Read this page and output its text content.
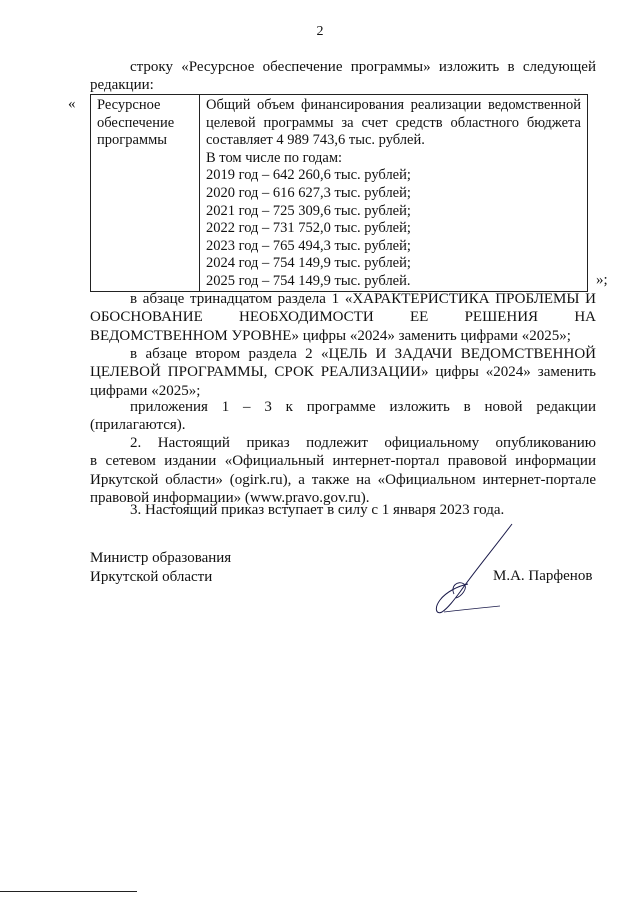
2
строку «Ресурсное обеспечение программы» изложить в следующей
редакции:
« Ресурсное
обеспечение
программы

Общий объем финансирования реализации ведомственной
целевой программы за счет средств областного бюджета
составляет 4 989 743,6 тыс. рублей.
В том числе по годам:
2019 год – 642 260,6 тыс. рублей;
2020 год – 616 627,3 тыс. рублей;
2021 год – 725 309,6 тыс. рублей;
2022 год – 731 752,0 тыс. рублей;
2023 год – 765 494,3 тыс. рублей;
2024 год – 754 149,9 тыс. рублей;
2025 год – 754 149,9 тыс. рублей.	»;
в абзаце тринадцатом раздела 1 «ХАРАКТЕРИСТИКА ПРОБЛЕМЫ И
ОБОСНОВАНИЕ НЕОБХОДИМОСТИ ЕЕ РЕШЕНИЯ НА
ВЕДОМСТВЕННОМ УРОВНЕ» цифры «2024» заменить цифрами «2025»;
в абзаце втором раздела 2 «ЦЕЛЬ И ЗАДАЧИ ВЕДОМСТВЕННОЙ
ЦЕЛЕВОЙ ПРОГРАММЫ, СРОК РЕАЛИЗАЦИИ» цифры «2024» заменить
цифрами «2025»;
приложения 1 – 3 к программе изложить в новой редакции
(прилагаются).
2. Настоящий приказ подлежит официальному опубликованию
в сетевом издании «Официальный интернет-портал правовой информации
Иркутской области» (ogirk.ru), а также на «Официальном интернет-портале
правовой информации» (www.pravo.gov.ru).
3. Настоящий приказ вступает в силу с 1 января 2023 года.
Министр образования
Иркутской области	М.А. Парфенов
